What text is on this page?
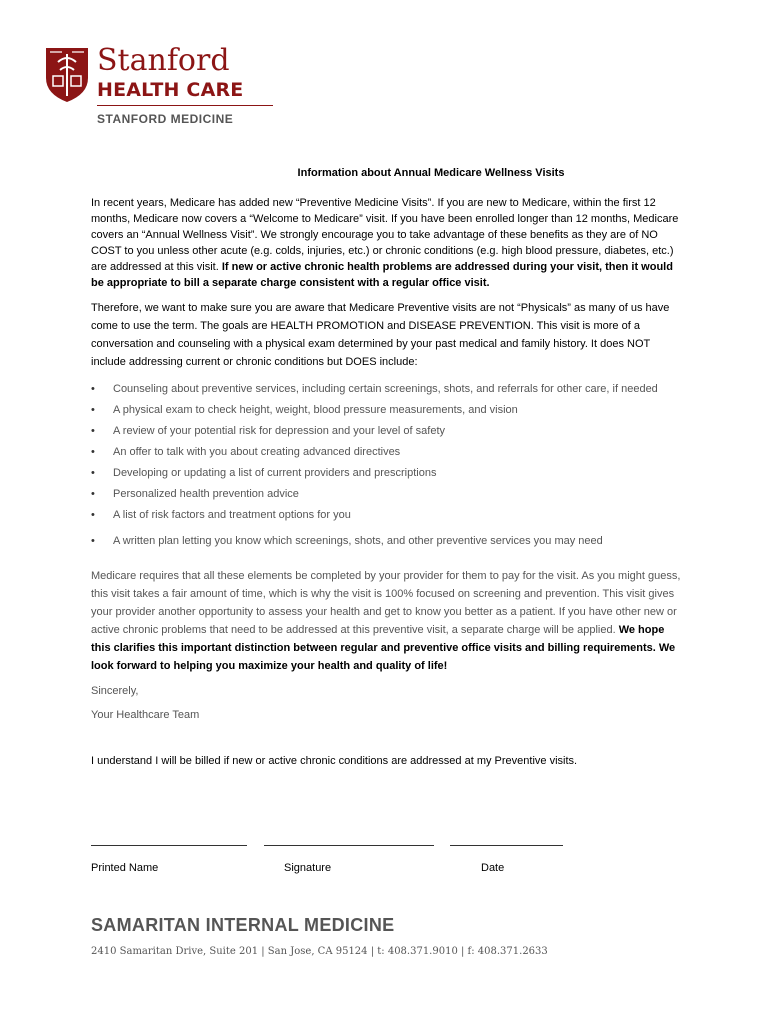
Stanford
HEALTH CARE
STANFORD MEDICINE
Information about Annual Medicare Wellness Visits

In recent years, Medicare has added new “Preventive Medicine Visits”. If you are new to Medicare, within the first 12 months, Medicare now covers a “Welcome to Medicare” visit. If you have been enrolled longer than 12 months, Medicare covers an “Annual Wellness Visit”. We strongly encourage you to take advantage of these benefits as they are of NO COST to you unless other acute (e.g. colds, injuries, etc.) or chronic conditions (e.g. high blood pressure, diabetes, etc.) are addressed at this visit. If new or active chronic health problems are addressed during your visit, then it would be appropriate to bill a separate charge consistent with a regular office visit.

Therefore, we want to make sure you are aware that Medicare Preventive visits are not “Physicals” as many of us have come to use the term. The goals are HEALTH PROMOTION and DISEASE PREVENTION. This visit is more of a conversation and counseling with a physical exam determined by your past medical and family history. It does NOT include addressing current or chronic conditions but DOES include:

• Counseling about preventive services, including certain screenings, shots, and referrals for other care, if needed
• A physical exam to check height, weight, blood pressure measurements, and vision
• A review of your potential risk for depression and your level of safety
• An offer to talk with you about creating advanced directives
• Developing or updating a list of current providers and prescriptions
• Personalized health prevention advice
• A list of risk factors and treatment options for you
• A written plan letting you know which screenings, shots, and other preventive services you may need

Medicare requires that all these elements be completed by your provider for them to pay for the visit. As you might guess, this visit takes a fair amount of time, which is why the visit is 100% focused on screening and prevention. This visit gives your provider another opportunity to assess your health and get to know you better as a patient. If you have other new or active chronic problems that need to be addressed at this preventive visit, a separate charge will be applied. We hope this clarifies this important distinction between regular and preventive office visits and billing requirements. We look forward to helping you maximize your health and quality of life!

Sincerely,

Your Healthcare Team

I understand I will be billed if new or active chronic conditions are addressed at my Preventive visits.

Printed Name	Signature	Date
SAMARITAN INTERNAL MEDICINE
2410 Samaritan Drive, Suite 201 | San Jose, CA 95124 | t: 408.371.9010 | f: 408.371.2633
